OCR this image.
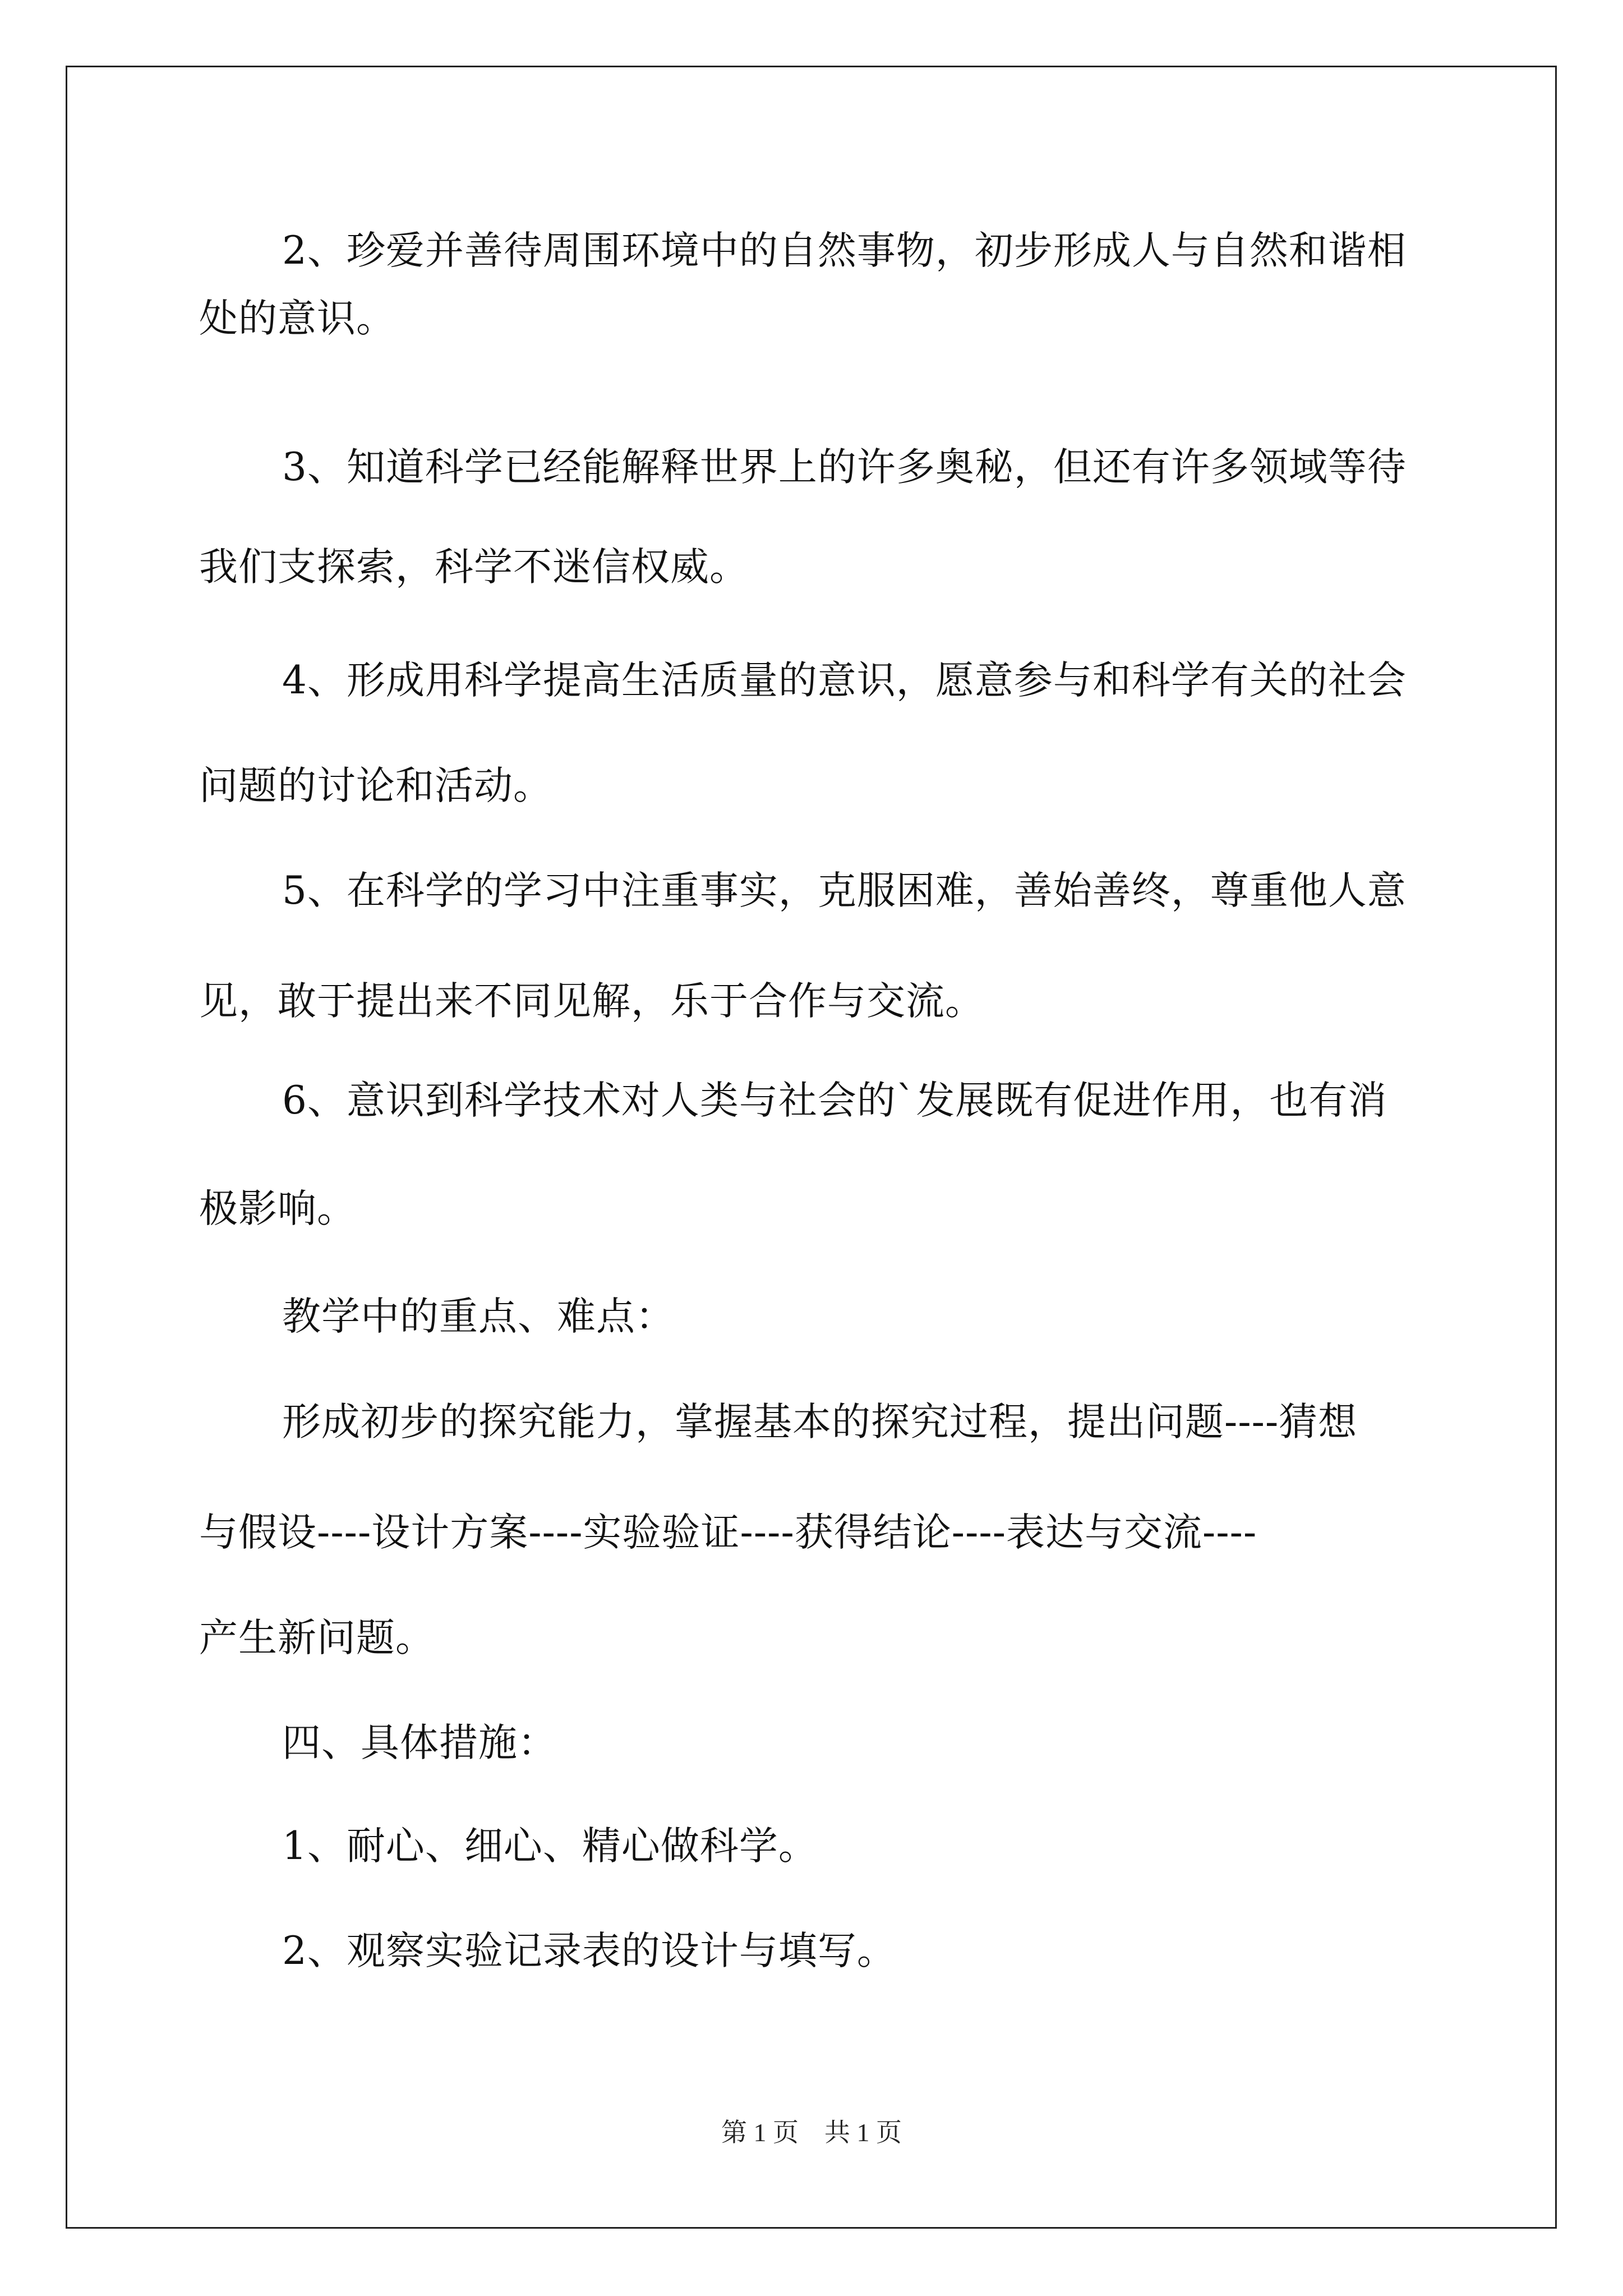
2、珍爱并善待周围环境中的自然事物，初步形成人与自然和谐相
处的意识。
3、知道科学已经能解释世界上的许多奥秘，但还有许多领域等待
我们支探索，科学不迷信权威。
4、形成用科学提高生活质量的意识，愿意参与和科学有关的社会
问题的讨论和活动。
5、在科学的学习中注重事实，克服困难，善始善终，尊重他人意
见，敢于提出来不同见解，乐于合作与交流。
6、意识到科学技术对人类与社会的`发展既有促进作用，也有消
极影响。
教学中的重点、难点：
形成初步的探究能力，掌握基本的探究过程，提出问题----猜想
与假设----设计方案----实验验证----获得结论----表达与交流----
产生新问题。
四、具体措施：
1、耐心、细心、精心做科学。
2、观察实验记录表的设计与填写。
第 1 页　共 1 页
